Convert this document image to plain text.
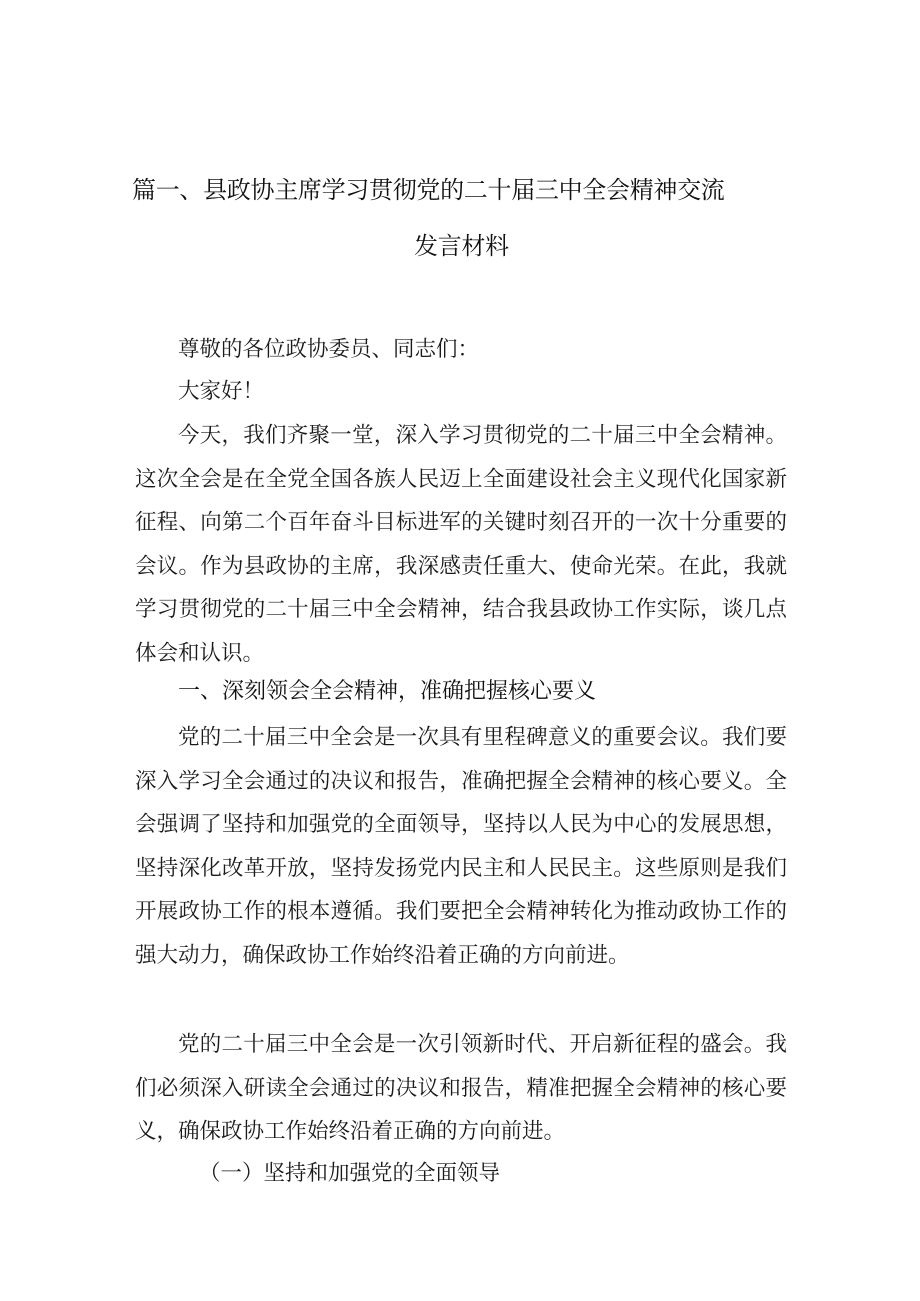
篇一、县政协主席学习贯彻党的二十届三中全会精神交流
发言材料

尊敬的各位政协委员、同志们：

大家好！

今天，我们齐聚一堂，深入学习贯彻党的二十届三中全会精神。这次全会是在全党全国各族人民迈上全面建设社会主义现代化国家新征程、向第二个百年奋斗目标进军的关键时刻召开的一次十分重要的会议。作为县政协的主席，我深感责任重大、使命光荣。在此，我就学习贯彻党的二十届三中全会精神，结合我县政协工作实际，谈几点体会和认识。

一、深刻领会全会精神，准确把握核心要义

党的二十届三中全会是一次具有里程碑意义的重要会议。我们要深入学习全会通过的决议和报告，准确把握全会精神的核心要义。全会强调了坚持和加强党的全面领导，坚持以人民为中心的发展思想，坚持深化改革开放，坚持发扬党内民主和人民民主。这些原则是我们开展政协工作的根本遵循。我们要把全会精神转化为推动政协工作的强大动力，确保政协工作始终沿着正确的方向前进。

党的二十届三中全会是一次引领新时代、开启新征程的盛会。我们必须深入研读全会通过的决议和报告，精准把握全会精神的核心要义，确保政协工作始终沿着正确的方向前进。

（一）坚持和加强党的全面领导
